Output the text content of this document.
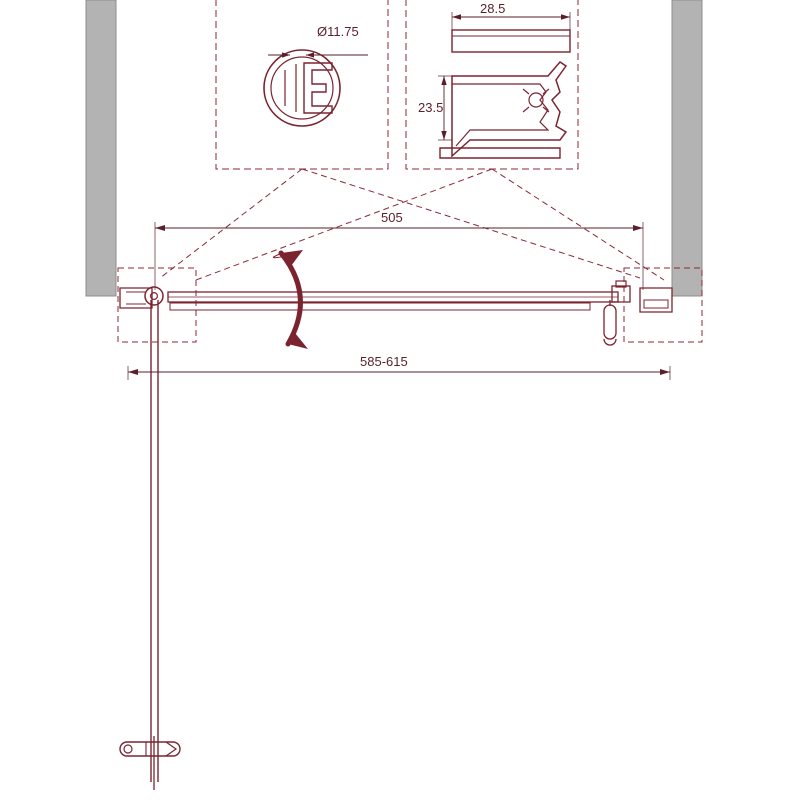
Ø11.75
28.5
23.5
505
585-615
